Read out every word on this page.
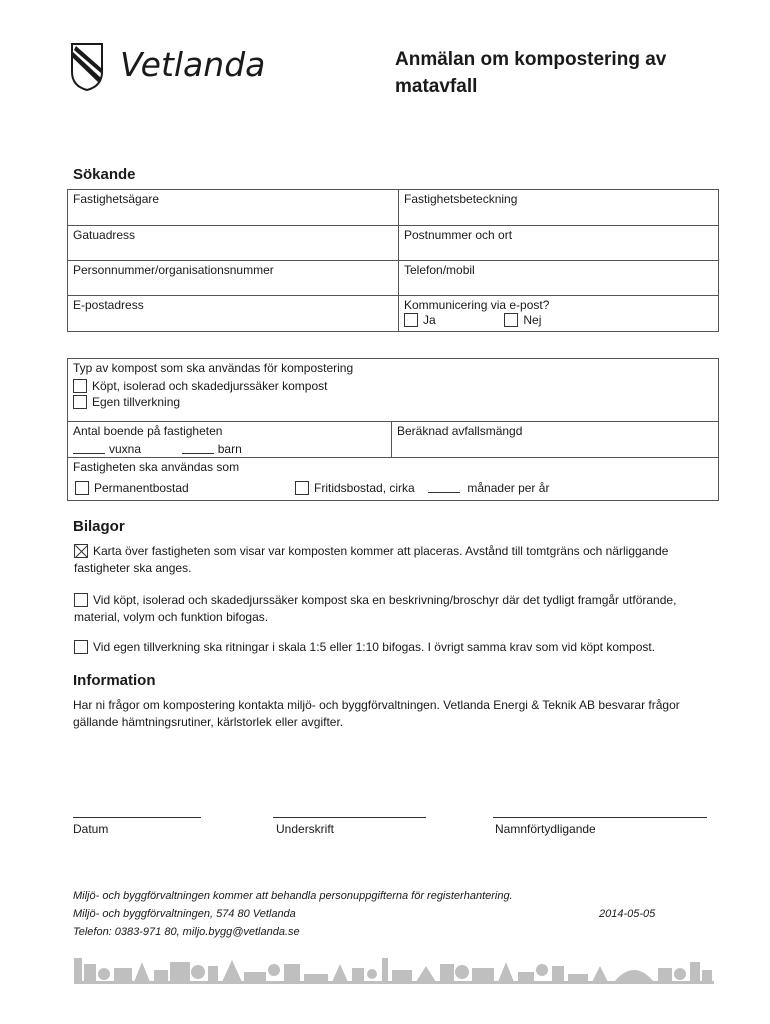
Vetlanda	Anmälan om kompostering av matavfall
Sökande
Fastighetsägare	Fastighetsbeteckning
Gatuadress	Postnummer och ort
Personnummer/organisationsnummer	Telefon/mobil
E-postadress	Kommunicering via e-post?
Ja Nej
Typ av kompost som ska användas för kompostering
Köpt, isolerad och skadedjurssäker kompost
Egen tillverkning
Antal boende på fastigheten
vuxna	barn
Beräknad avfallsmängd
Fastigheten ska användas som
Permanentbostad	Fritidsbostad, cirka	månader per år
Bilagor
Karta över fastigheten som visar var komposten kommer att placeras. Avstånd till tomtgräns och närliggande fastigheter ska anges.
Vid köpt, isolerad och skadedjurssäker kompost ska en beskrivning/broschyr där det tydligt framgår utförande, material, volym och funktion bifogas.
Vid egen tillverkning ska ritningar i skala 1:5 eller 1:10 bifogas. I övrigt samma krav som vid köpt kompost.
Information
Har ni frågor om kompostering kontakta miljö- och byggförvaltningen. Vetlanda Energi & Teknik AB besvarar frågor gällande hämtningsrutiner, kärlstorlek eller avgifter.
Datum	Underskrift	Namnförtydligande
Miljö- och byggförvaltningen kommer att behandla personuppgifterna för registerhantering.
Miljö- och byggförvaltningen, 574 80 Vetlanda	2014-05-05
Telefon: 0383-971 80, miljo.bygg@vetlanda.se
